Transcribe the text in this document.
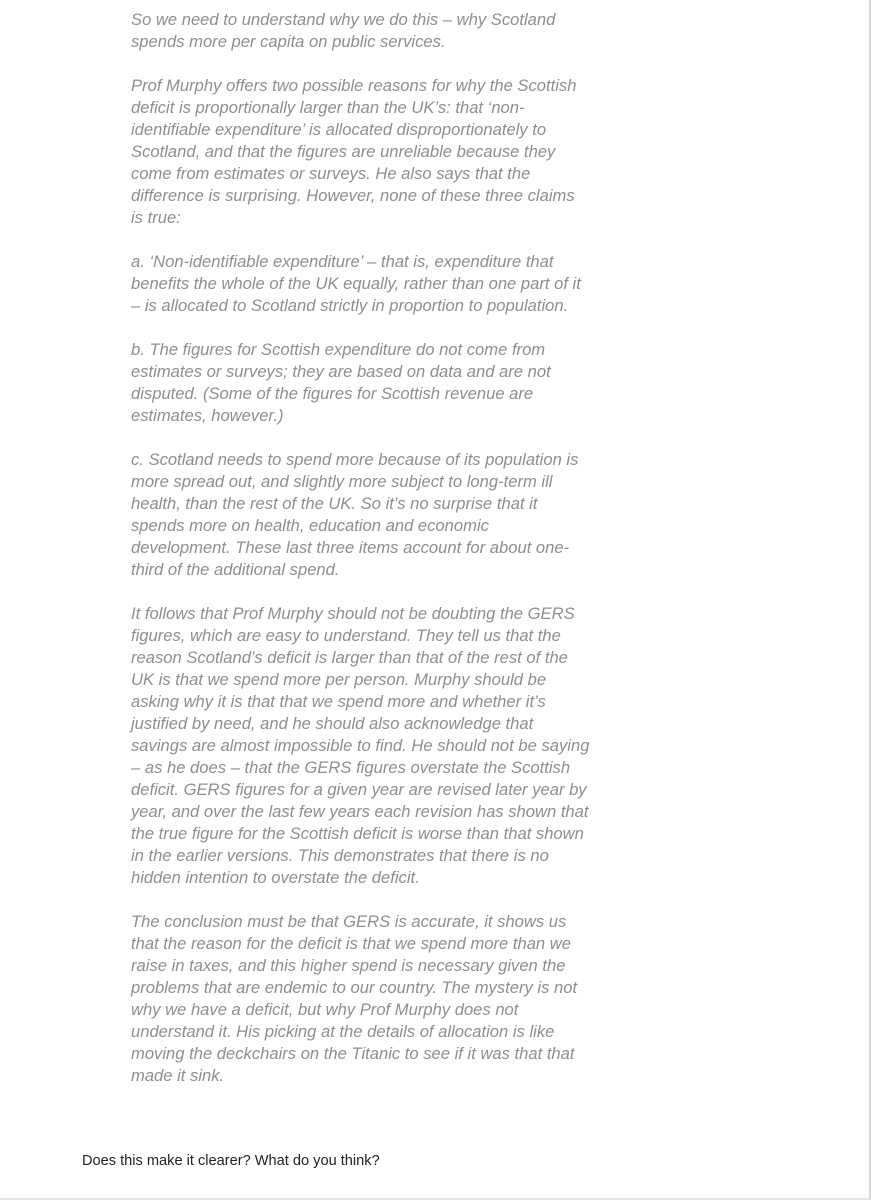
So we need to understand why we do this – why Scotland spends more per capita on public services.

Prof Murphy offers two possible reasons for why the Scottish deficit is proportionally larger than the UK’s: that ‘non-identifiable expenditure’ is allocated disproportionately to Scotland, and that the figures are unreliable because they come from estimates or surveys. He also says that the difference is surprising. However, none of these three claims is true:

a. ‘Non-identifiable expenditure’ – that is, expenditure that benefits the whole of the UK equally, rather than one part of it – is allocated to Scotland strictly in proportion to population.

b. The figures for Scottish expenditure do not come from estimates or surveys; they are based on data and are not disputed. (Some of the figures for Scottish revenue are estimates, however.)

c. Scotland needs to spend more because of its population is more spread out, and slightly more subject to long-term ill health, than the rest of the UK. So it’s no surprise that it spends more on health, education and economic development. These last three items account for about one-third of the additional spend.

It follows that Prof Murphy should not be doubting the GERS figures, which are easy to understand. They tell us that the reason Scotland’s deficit is larger than that of the rest of the UK is that we spend more per person. Murphy should be asking why it is that that we spend more and whether it’s justified by need, and he should also acknowledge that savings are almost impossible to find. He should not be saying – as he does – that the GERS figures overstate the Scottish deficit. GERS figures for a given year are revised later year by year, and over the last few years each revision has shown that the true figure for the Scottish deficit is worse than that shown in the earlier versions. This demonstrates that there is no hidden intention to overstate the deficit.

The conclusion must be that GERS is accurate, it shows us that the reason for the deficit is that we spend more than we raise in taxes, and this higher spend is necessary given the problems that are endemic to our country. The mystery is not why we have a deficit, but why Prof Murphy does not understand it. His picking at the details of allocation is like moving the deckchairs on the Titanic to see if it was that that made it sink.

Does this make it clearer? What do you think?
